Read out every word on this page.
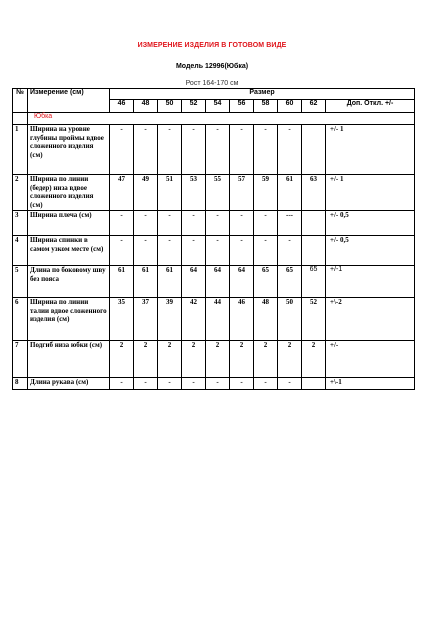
ИЗМЕРЕНИЕ ИЗДЕЛИЯ В ГОТОВОМ ВИДЕ
Модель 12996(Юбка)
Рост 164-170 см
№	Измерение (см)	Размер									
		46	48	50	52	54	56	58	60	62	Доп. Откл. +/-
	Юбка										
1	Ширина на уровне глубины проймы вдвое сложенного изделия (см)	-	-	-	-	-	-	-	-		+/- 1
2	Ширина по линии (бедер) низа вдвое сложенного изделия (см)	47	49	51	53	55	57	59	61	63	+/- 1
3	Ширина плеча (см)	-	-	-	-	-	-	-	---		+/- 0,5
4	Ширина спинки в самом узком месте (см)	-	-	-	-	-	-	-	-		+/- 0,5
5	Длина по боковому шву без пояса	61	61	61	64	64	64	65	65	65	+/-1
6	Ширина по линии талии вдвое сложенного изделия (см)	35	37	39	42	44	46	48	50	52	+\-2
7	Подгиб низа юбки (см)	2	2	2	2	2	2	2	2	2	+/-
8	Длина рукава (см)	-	-	-	-	-	-	-	-		+\-1
